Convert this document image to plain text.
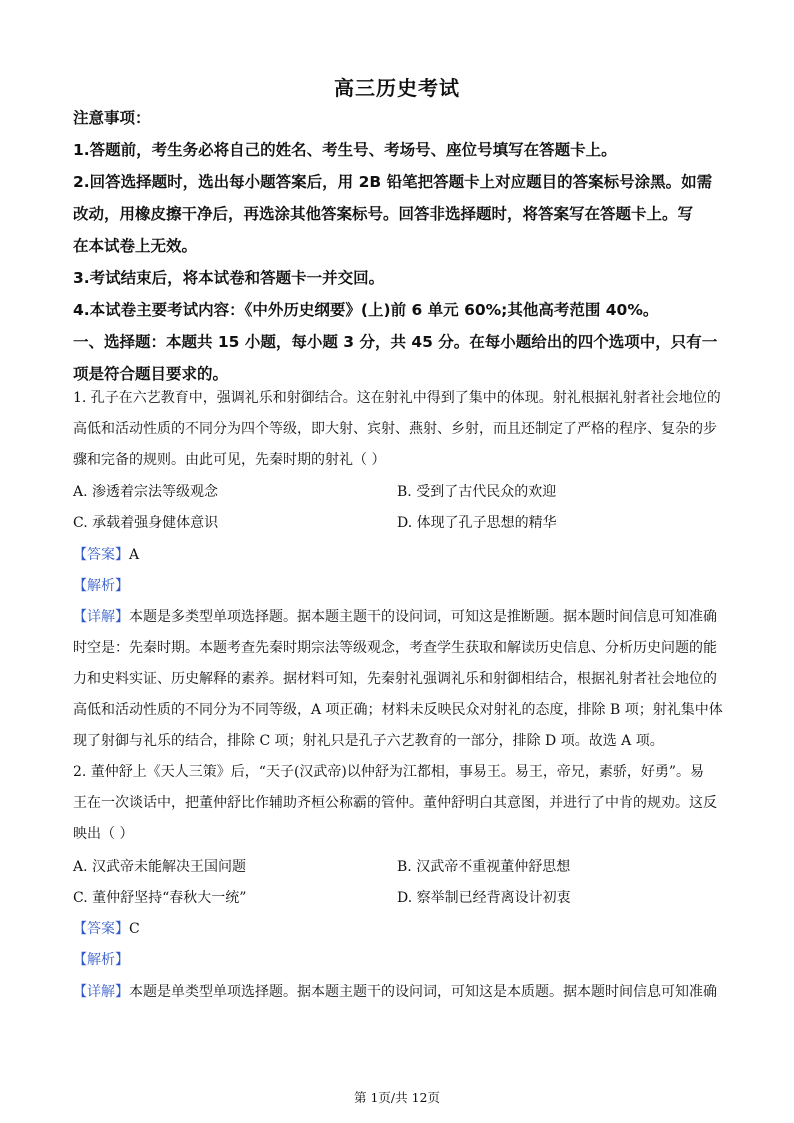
高三历史考试
注意事项：
1.答题前，考生务必将自己的姓名、考生号、考场号、座位号填写在答题卡上。
2.回答选择题时，选出每小题答案后，用 2B 铅笔把答题卡上对应题目的答案标号涂黑。如需
改动，用橡皮擦干净后，再选涂其他答案标号。回答非选择题时，将答案写在答题卡上。写
在本试卷上无效。
3.考试结束后，将本试卷和答题卡一并交回。
4.本试卷主要考试内容：《中外历史纲要》(上)前 6 单元 60%;其他高考范围 40%。
一、选择题：本题共 15 小题，每小题 3 分，共 45 分。在每小题给出的四个选项中，只有一
项是符合题目要求的。
1. 孔子在六艺教育中，强调礼乐和射御结合。这在射礼中得到了集中的体现。射礼根据礼射者社会地位的
高低和活动性质的不同分为四个等级，即大射、宾射、燕射、乡射，而且还制定了严格的程序、复杂的步
骤和完备的规则。由此可见，先秦时期的射礼（ ）
A. 渗透着宗法等级观念	B. 受到了古代民众的欢迎
C. 承载着强身健体意识	D. 体现了孔子思想的精华
【答案】A
【解析】
【详解】本题是多类型单项选择题。据本题主题干的设问词，可知这是推断题。据本题时间信息可知准确
时空是：先秦时期。本题考查先秦时期宗法等级观念，考查学生获取和解读历史信息、分析历史问题的能
力和史料实证、历史解释的素养。据材料可知，先秦射礼强调礼乐和射御相结合，根据礼射者社会地位的
高低和活动性质的不同分为不同等级，A 项正确；材料未反映民众对射礼的态度，排除 B 项；射礼集中体
现了射御与礼乐的结合，排除 C 项；射礼只是孔子六艺教育的一部分，排除 D 项。故选 A 项。
2. 董仲舒上《天人三策》后，“天子(汉武帝)以仲舒为江都相，事易王。易王，帝兄，素骄，好勇”。易
王在一次谈话中，把董仲舒比作辅助齐桓公称霸的管仲。董仲舒明白其意图，并进行了中肯的规劝。这反
映出（ ）
A. 汉武帝未能解决王国问题	B. 汉武帝不重视董仲舒思想
C. 董仲舒坚持“春秋大一统”	D. 察举制已经背离设计初衷
【答案】C
【解析】
【详解】本题是单类型单项选择题。据本题主题干的设问词，可知这是本质题。据本题时间信息可知准确
第 1页/共 12页
